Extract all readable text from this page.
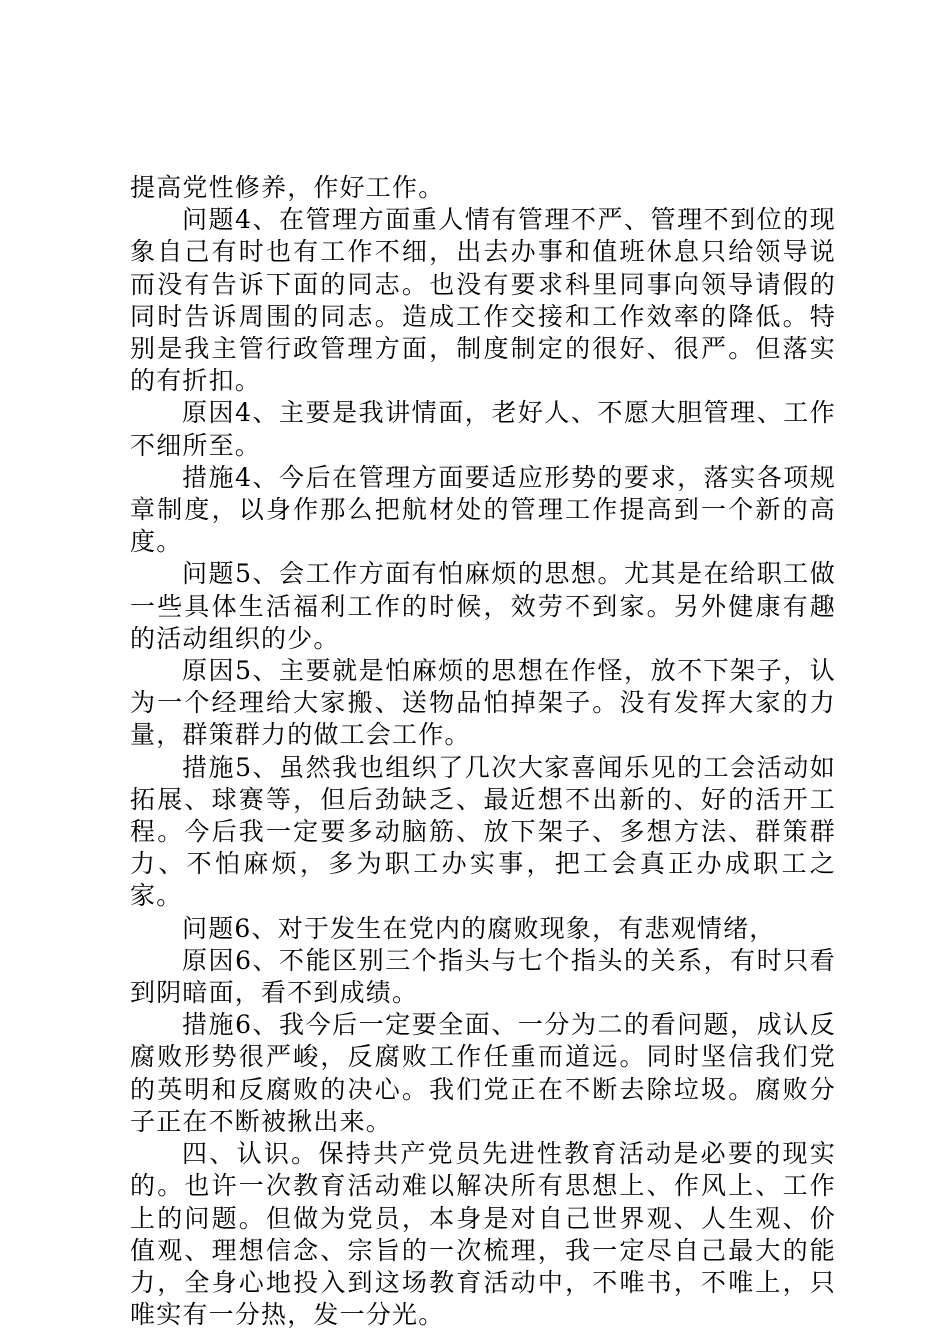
提高党性修养，作好工作。

问题4、在管理方面重人情有管理不严、管理不到位的现象自己有时也有工作不细，出去办事和值班休息只给领导说而没有告诉下面的同志。也没有要求科里同事向领导请假的同时告诉周围的同志。造成工作交接和工作效率的降低。特别是我主管行政管理方面，制度制定的很好、很严。但落实的有折扣。

原因4、主要是我讲情面，老好人、不愿大胆管理、工作不细所至。

措施4、今后在管理方面要适应形势的要求，落实各项规章制度，以身作那么把航材处的管理工作提高到一个新的高度。

问题5、会工作方面有怕麻烦的思想。尤其是在给职工做一些具体生活福利工作的时候，效劳不到家。另外健康有趣的活动组织的少。

原因5、主要就是怕麻烦的思想在作怪，放不下架子，认为一个经理给大家搬、送物品怕掉架子。没有发挥大家的力量，群策群力的做工会工作。

措施5、虽然我也组织了几次大家喜闻乐见的工会活动如拓展、球赛等，但后劲缺乏、最近想不出新的、好的活开工程。今后我一定要多动脑筋、放下架子、多想方法、群策群力、不怕麻烦，多为职工办实事，把工会真正办成职工之家。

问题6、对于发生在党内的腐败现象，有悲观情绪，

原因6、不能区别三个指头与七个指头的关系，有时只看到阴暗面，看不到成绩。

措施6、我今后一定要全面、一分为二的看问题，成认反腐败形势很严峻，反腐败工作任重而道远。同时坚信我们党的英明和反腐败的决心。我们党正在不断去除垃圾。腐败分子正在不断被揪出来。

四、认识。保持共产党员先进性教育活动是必要的现实的。也许一次教育活动难以解决所有思想上、作风上、工作上的问题。但做为党员，本身是对自己世界观、人生观、价值观、理想信念、宗旨的一次梳理，我一定尽自己最大的能力，全身心地投入到这场教育活动中，不唯书，不唯上，只唯实有一分热，发一分光。
